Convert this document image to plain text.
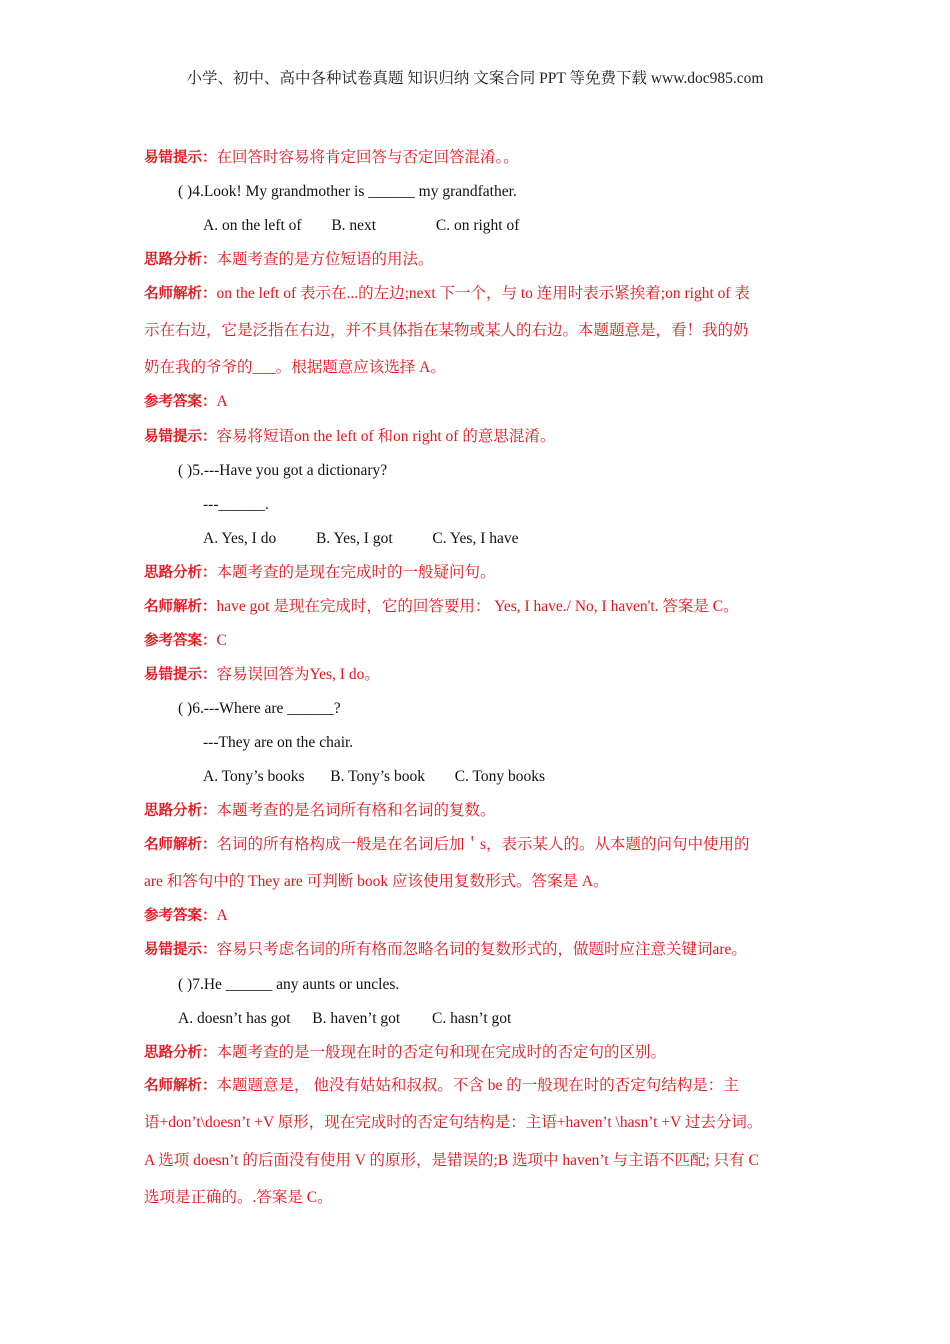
小学、初中、高中各种试卷真题 知识归纳 文案合同 PPT 等免费下载 www.doc985.com
易错提示：在回答时容易将肯定回答与否定回答混淆。。
( )4.Look! My grandmother is ______ my grandfather.
A. on the left of B. next	C. on right of
思路分析：本题考查的是方位短语的用法。
名师解析：on the left of 表示在...的左边;next 下一个，与 to 连用时表示紧挨着;on right of 表
示在右边，它是泛指在右边，并不具体指在某物或某人的右边。本题题意是，看！我的奶
奶在我的爷爷的___。根据题意应该选择 A。
参考答案：A
易错提示：容易将短语on the left of 和on right of 的意思混淆。
( )5.---Have you got a dictionary?
---______.
A. Yes, I do	B. Yes, I got	C. Yes, I have
思路分析：本题考查的是现在完成时的一般疑问句。
名师解析：have got 是现在完成时，它的回答要用： Yes, I have./ No, I haven't. 答案是 C。
参考答案：C
易错提示：容易误回答为Yes, I do。
( )6.---Where are ______?
---They are on the chair.
A. Tony’s books B. Tony’s book C. Tony books
思路分析：本题考查的是名词所有格和名词的复数。
名师解析：名词的所有格构成一般是在名词后加＇s，表示某人的。从本题的问句中使用的
are 和答句中的 They are 可判断 book 应该使用复数形式。答案是 A。
参考答案：A
易错提示：容易只考虑名词的所有格而忽略名词的复数形式的，做题时应注意关键词are。
( )7.He ______ any aunts or uncles.
A. doesn’t has got B. haven’t got C. hasn’t got
思路分析：本题考查的是一般现在时的否定句和现在完成时的否定句的区别。
名师解析：本题题意是， 他没有姑姑和叔叔。不含 be 的一般现在时的否定句结构是：主
语+don’t\doesn’t +V 原形，现在完成时的否定句结构是：主语+haven’t \hasn’t +V 过去分词。
A 选项 doesn’t 的后面没有使用 V 的原形，是错误的;B 选项中 haven’t 与主语不匹配; 只有 C
选项是正确的。.答案是 C。
